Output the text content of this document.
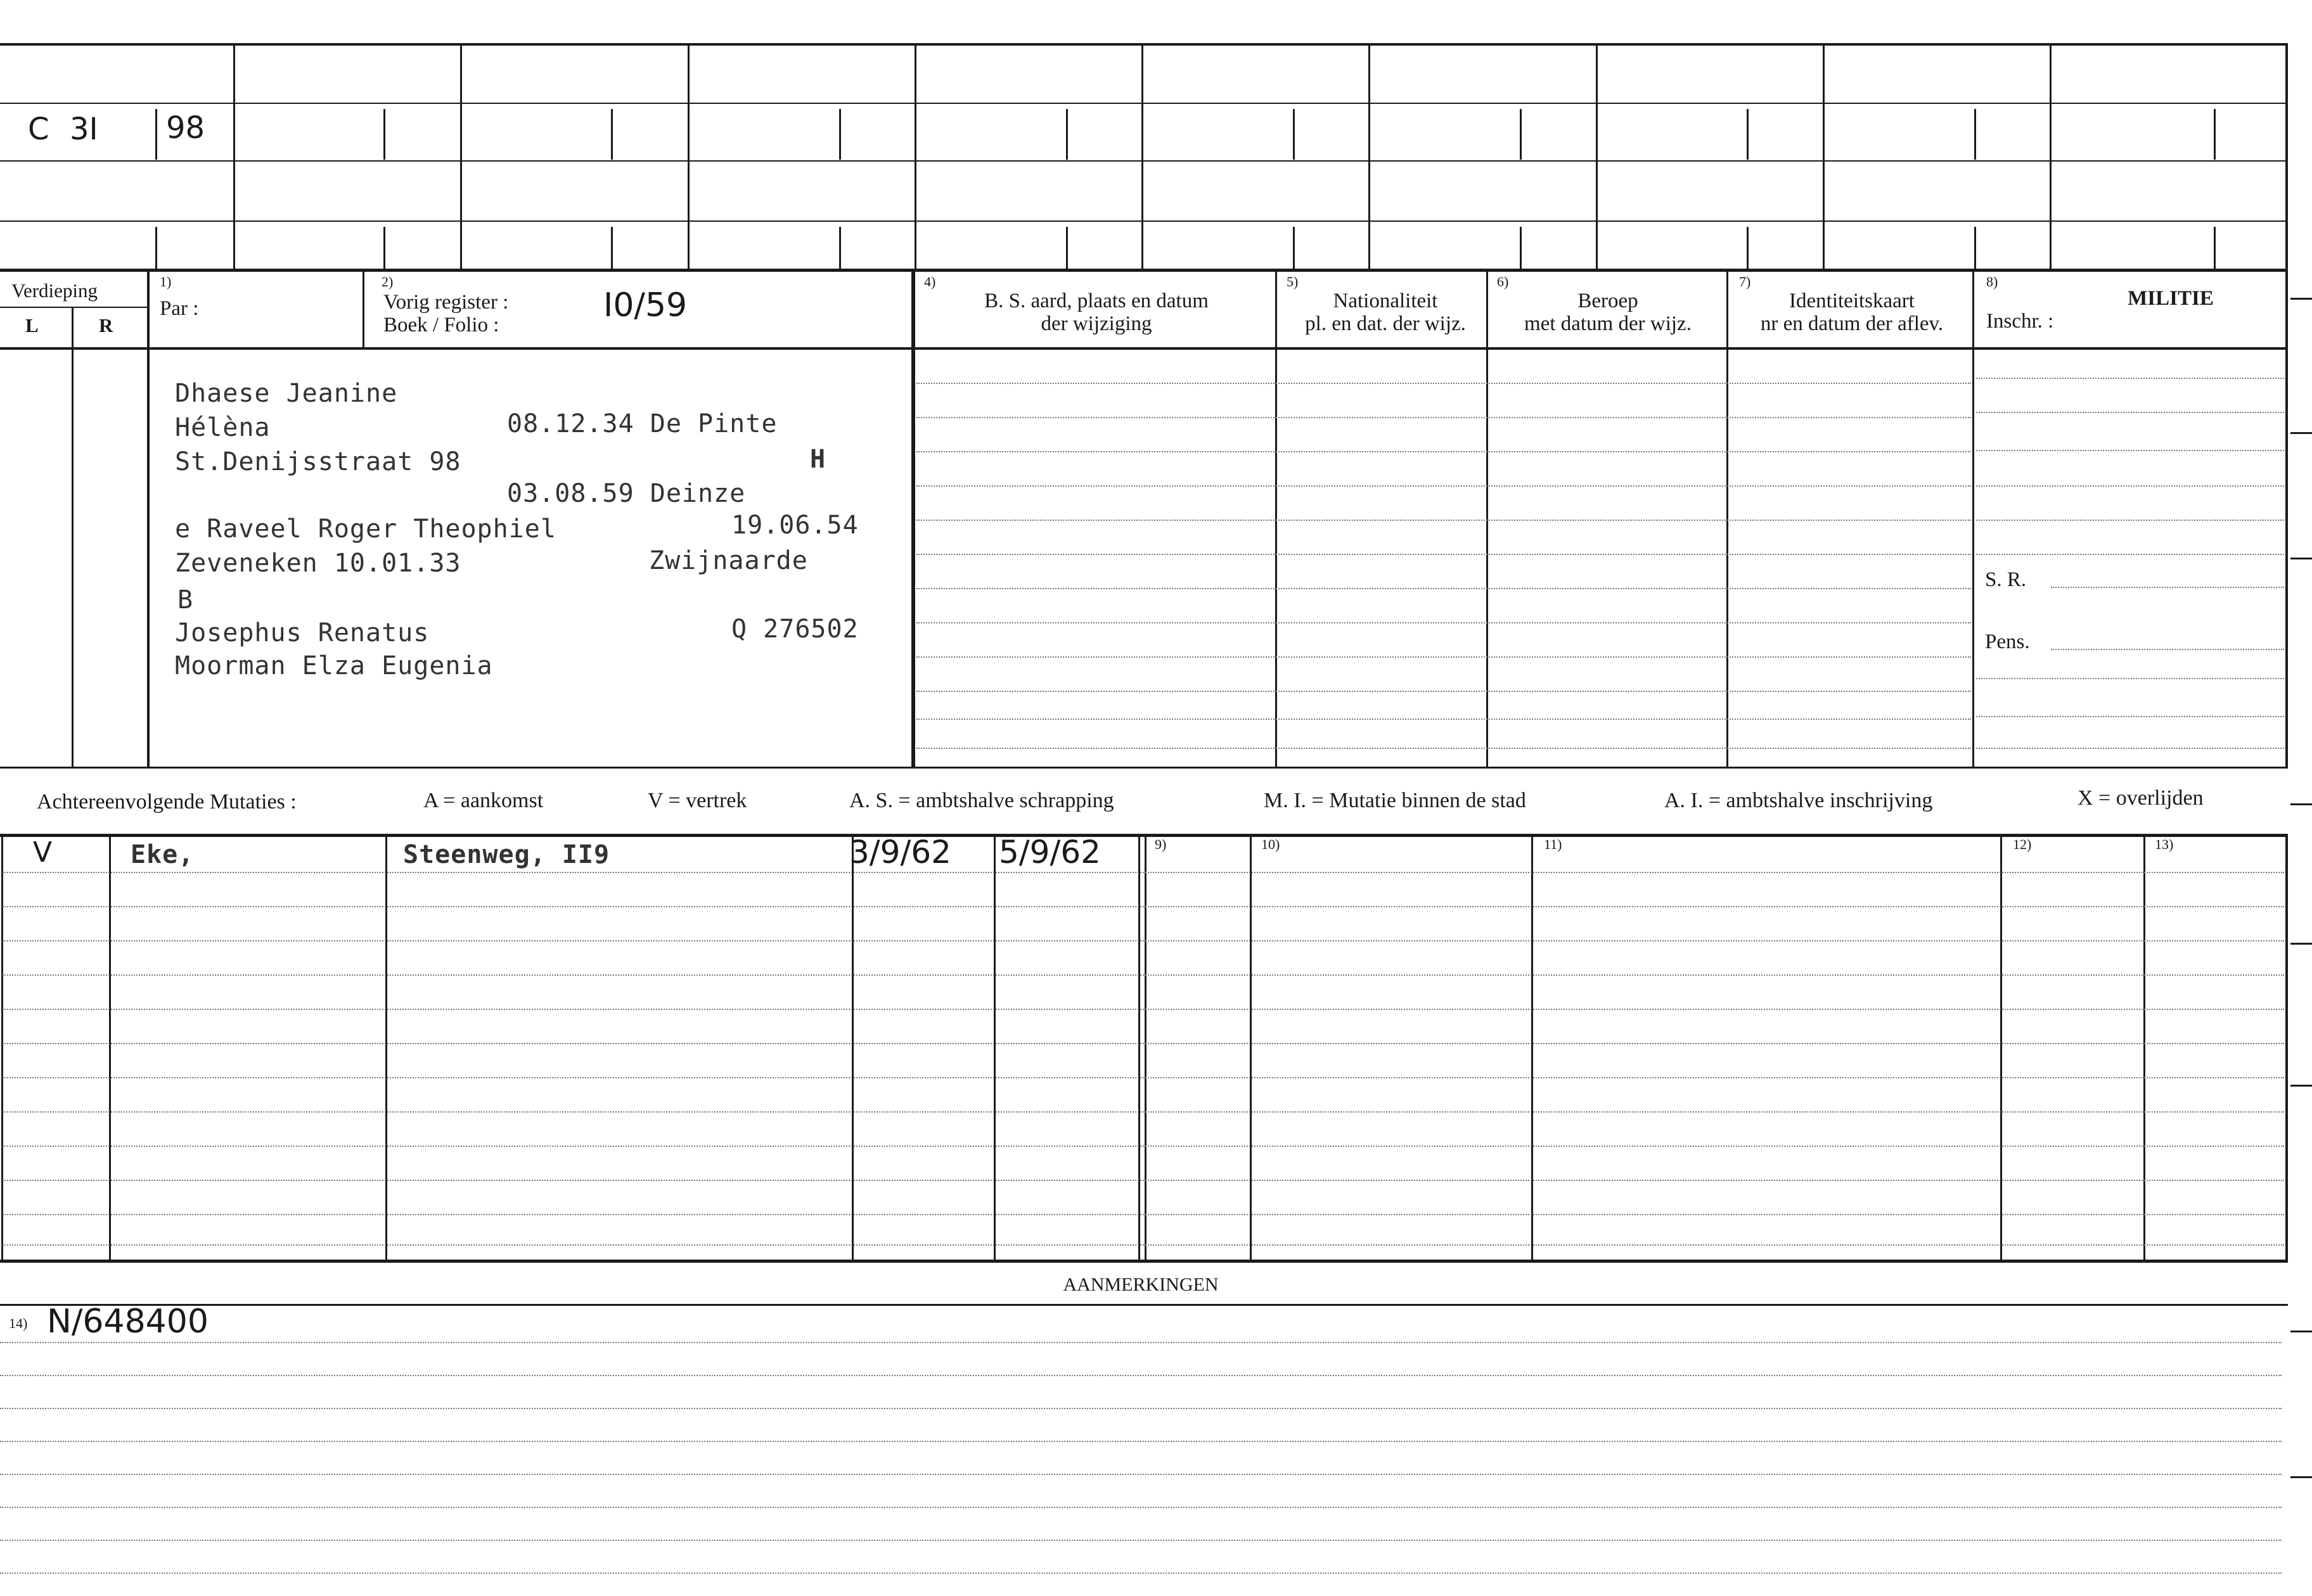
C 3I 98
Verdieping
L	R
1)
Par :
2)
Vorig register :
Boek / Folio :
I0/59
4)
B. S. aard, plaats en datum
der wijziging
5)
Nationaliteit
pl. en dat. der wijz.
6)
Beroep
met datum der wijz.
7)
Identiteitskaart
nr en datum der aflev.
8)
MILITIE
Inschr. :
S. R.
Pens.
Dhaese Jeanine
Hélèna	08.12.34 De Pinte
St.Denijsstraat 98	H
03.08.59 Deinze
e Raveel Roger Theophiel	19.06.54
Zeveneken 10.01.33	Zwijnaarde
B
Josephus Renatus	Q 276502
Moorman Elza Eugenia
Achtereenvolgende Mutaties :	A = aankomst	V = vertrek	A. S. = ambtshalve schrapping	M. I. = Mutatie binnen de stad	A. I. = ambtshalve inschrijving	X = overlijden
9)	10)	11)	12)	13)
V	Eke,	Steenweg, II9	3/9/62 5/9/62
AANMERKINGEN
14) N/648400
